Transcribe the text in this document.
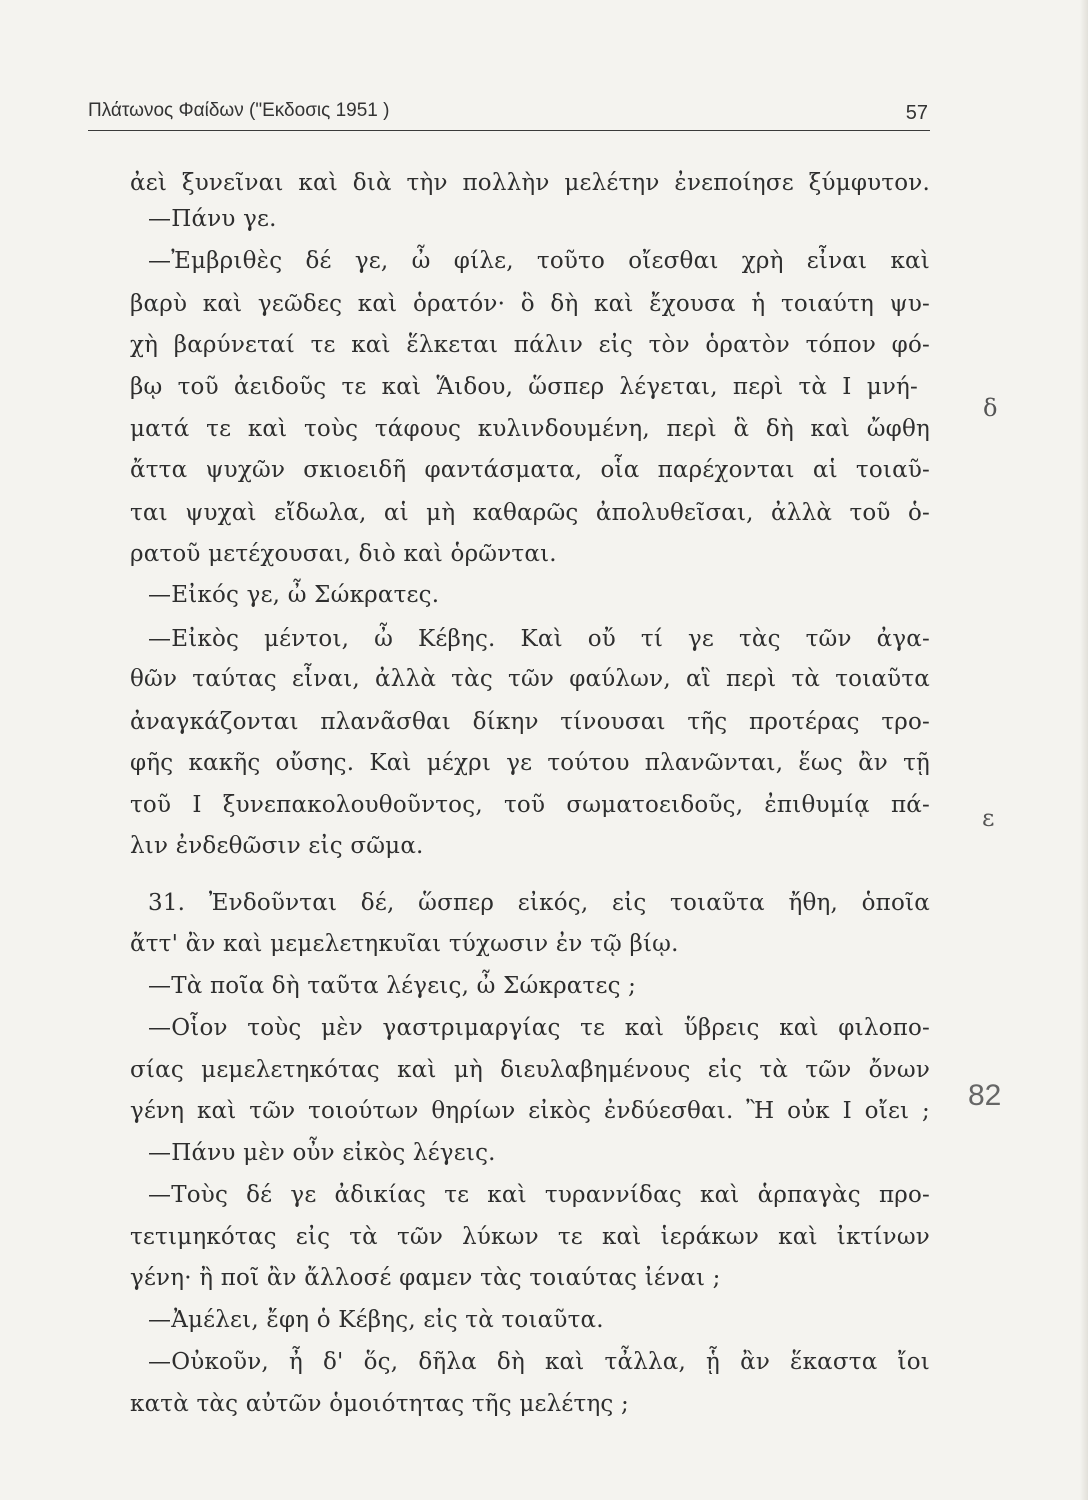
Πλάτωνος Φαίδων ("Εκδοσις 1951 )	57
ἀεὶ ξυνεῖναι καὶ διὰ τὴν πολλὴν μελέτην ἐνεποίησε ξύμφυτον.
—Πάνυ γε.
—Ἐμβριθὲς δέ γε, ὦ φίλε, τοῦτο οἴεσθαι χρὴ εἶναι καὶ
βαρὺ καὶ γεῶδες καὶ ὁρατόν· ὃ δὴ καὶ ἔχουσα ἡ τοιαύτη ψυ-
χὴ βαρύνεταί τε καὶ ἕλκεται πάλιν εἰς τὸν ὁρατὸν τόπον φό-
βῳ τοῦ ἀειδοῦς τε καὶ Ἅιδου, ὥσπερ λέγεται, περὶ τὰ Ι μνή-
ματά τε καὶ τοὺς τάφους κυλινδουμένη, περὶ ἃ δὴ καὶ ὤφθη
ἄττα ψυχῶν σκιοειδῆ φαντάσματα, οἷα παρέχονται αἱ τοιαῦ-
ται ψυχαὶ εἴδωλα, αἱ μὴ καθαρῶς ἀπολυθεῖσαι, ἀλλὰ τοῦ ὁ-
ρατοῦ μετέχουσαι, διὸ καὶ ὁρῶνται.
—Εἰκός γε, ὦ Σώκρατες.
—Εἰκὸς μέντοι, ὦ Κέβης. Καὶ οὔ τί γε τὰς τῶν ἀγα-
θῶν ταύτας εἶναι, ἀλλὰ τὰς τῶν φαύλων, αἳ περὶ τὰ τοιαῦτα
ἀναγκάζονται πλανᾶσθαι δίκην τίνουσαι τῆς προτέρας τρο-
φῆς κακῆς οὔσης. Καὶ μέχρι γε τούτου πλανῶνται, ἕως ἂν τῇ
τοῦ Ι ξυνεπακολουθοῦντος, τοῦ σωματοειδοῦς, ἐπιθυμίᾳ πά-
λιν ἐνδεθῶσιν εἰς σῶμα.
31. Ἐνδοῦνται δέ, ὥσπερ εἰκός, εἰς τοιαῦτα ἤθη, ὁποῖα
ἄττ' ἂν καὶ μεμελετηκυῖαι τύχωσιν ἐν τῷ βίῳ.
—Τὰ ποῖα δὴ ταῦτα λέγεις, ὦ Σώκρατες ;
—Οἷον τοὺς μὲν γαστριμαργίας τε καὶ ὕβρεις καὶ φιλοπο-
σίας μεμελετηκότας καὶ μὴ διευλαβημένους εἰς τὰ τῶν ὄνων
γένη καὶ τῶν τοιούτων θηρίων εἰκὸς ἐνδύεσθαι. Ἢ οὐκ Ι οἴει ;
—Πάνυ μὲν οὖν εἰκὸς λέγεις.
—Τοὺς δέ γε ἀδικίας τε καὶ τυραννίδας καὶ ἁρπαγὰς προ-
τετιμηκότας εἰς τὰ τῶν λύκων τε καὶ ἱεράκων καὶ ἰκτίνων
γένη· ἢ ποῖ ἂν ἄλλοσέ φαμεν τὰς τοιαύτας ἰέναι ;
—Ἀμέλει, ἔφη ὁ Κέβης, εἰς τὰ τοιαῦτα.
—Οὐκοῦν, ἦ δ' ὅς, δῆλα δὴ καὶ τἆλλα, ᾗ ἂν ἕκαστα ἴοι
κατὰ τὰς αὐτῶν ὁμοιότητας τῆς μελέτης ;
δ
ε
82
